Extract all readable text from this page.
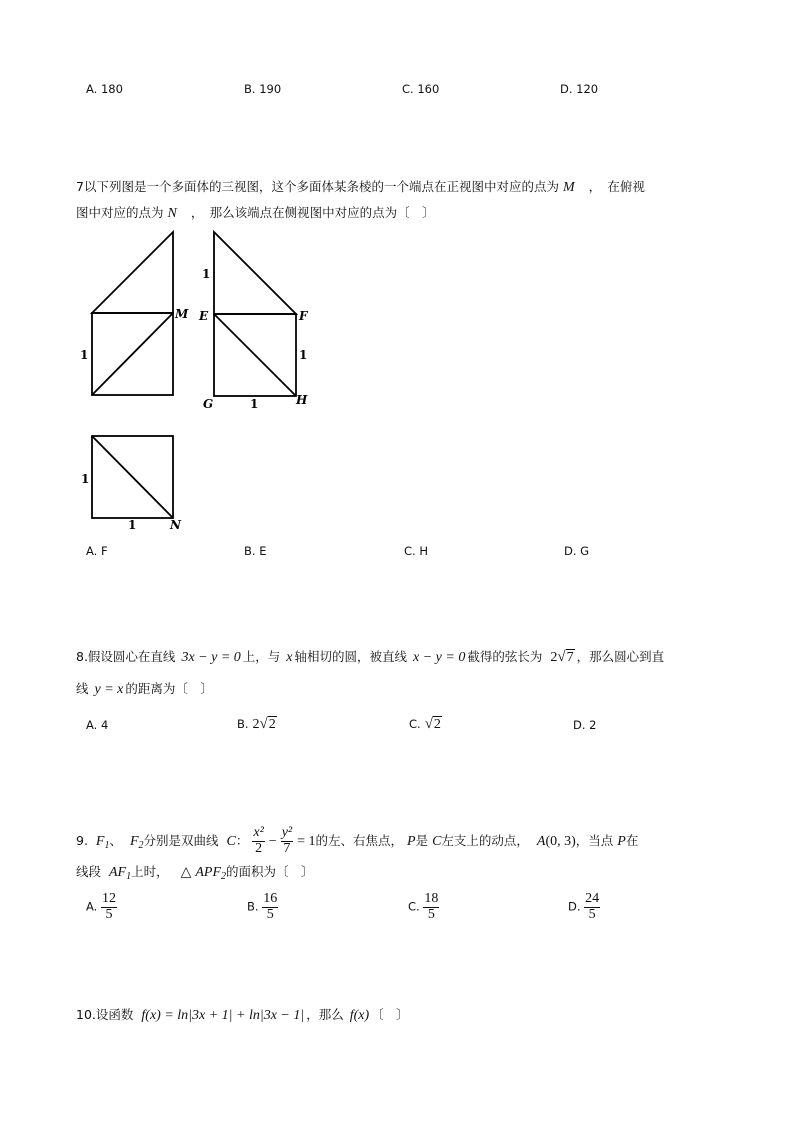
A. 180	B. 190	C. 160	D. 120
7以下列图是一个多面体的三视图，这个多面体某条棱的一个端点在正视图中对应的点为 M ，　在俯视
图中对应的点为 N ，　那么该端点在侧视图中对应的点为〔　〕
1
M
1
E	F
1
G	1	H
1
1	N
A. F	B. E	C. H	D. G
8.假设圆心在直线 3x − y = 0 上，与 x 轴相切的圆，被直线 x − y = 0 截得的弦长为 2√7 ，那么圆心到直
线 y = x 的距离为〔　〕
A. 4	B. 2√2	C. √2	D. 2
9. $F_1$、 $F_2$分别是双曲线 C： $\frac{\text{x²}}{2} - \frac{\text{y²}}{7} = 1$的左、右焦点， P是 C左支上的动点， A(0, 3)，当点 P在
线段 $AF_1$上时， △ $APF_2$的面积为〔　〕
A. $\frac{12}{5}$	B. $\frac{16}{5}$	C. $\frac{18}{5}$	D. $\frac{24}{5}$
10.设函数 f(x) = ln|3x + 1| + ln|3x − 1| ，那么 f(x) 〔　〕
